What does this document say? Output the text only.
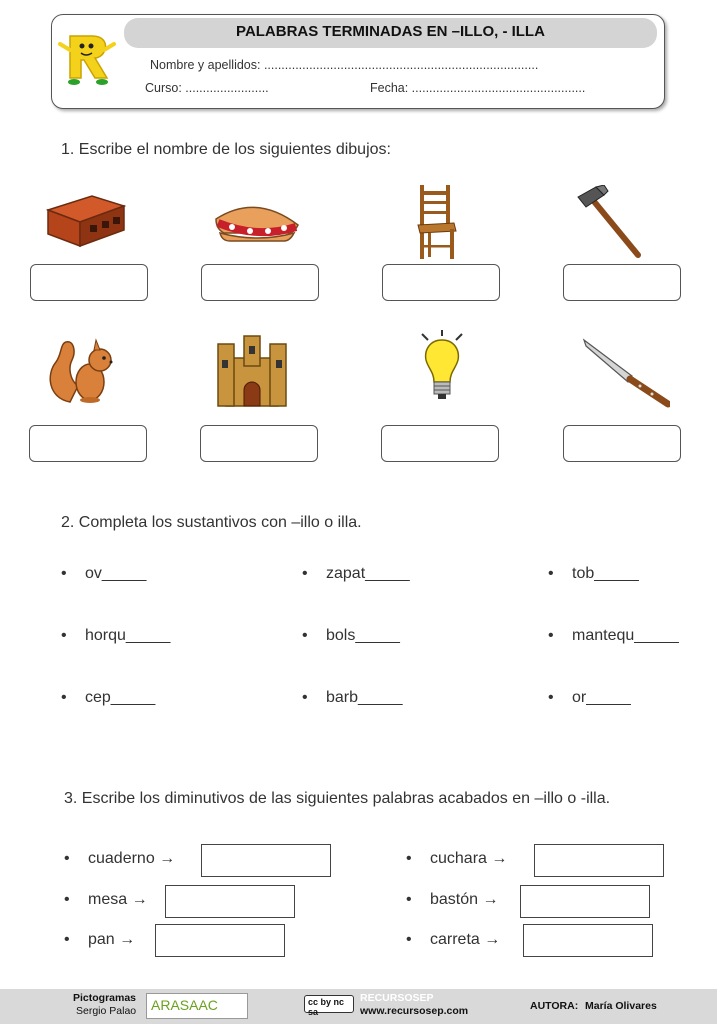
PALABRAS TERMINADAS EN –ILLO, - ILLA
Nombre y apellidos: ...............................................................................
Curso: ........................	Fecha: ..................................................
1. Escribe el nombre de los siguientes dibujos:
2. Completa los sustantivos con –illo o illa.
• ov_____	• zapat_____	• tob_____
• horqu_____	• bols_____	• mantequ_____
• cep_____	• barb_____	• or_____
3. Escribe los diminutivos de las siguientes palabras acabados en –illo o -illa.
• cuaderno →
• mesa →
• pan →
• cuchara →
• bastón →
• carreta →
Pictogramas
Sergio Palao ARASAAC	cc by nc sa
RECURSOSEP
www.recursosep.com	AUTORA: María Olivares
